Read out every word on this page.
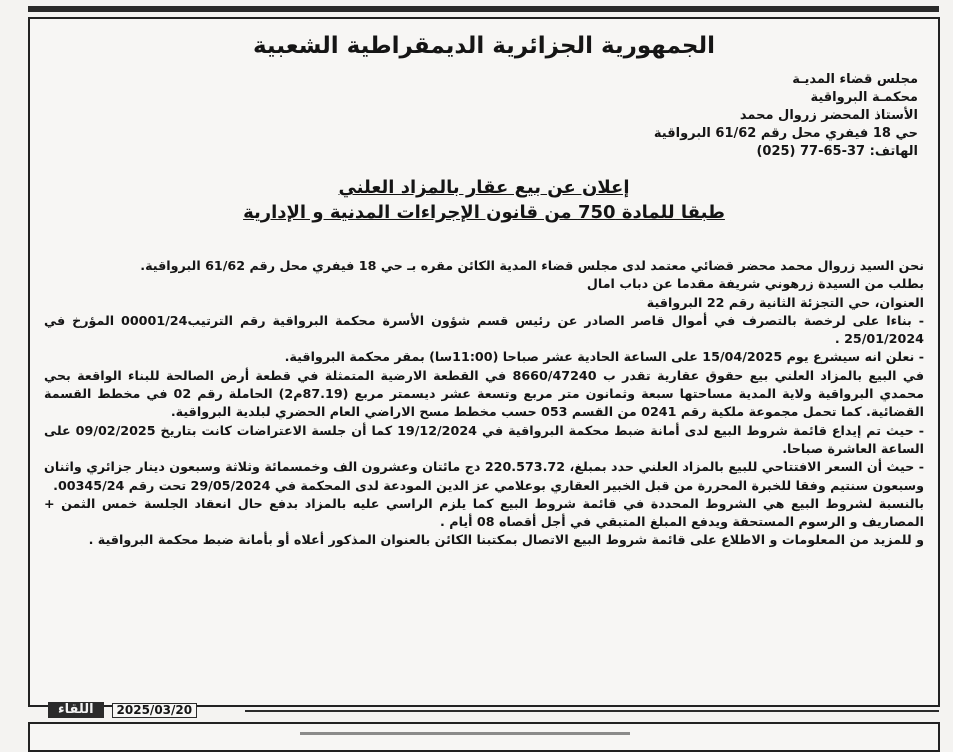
الجمهورية الجزائرية الديمقراطية الشعبية
مجلس قضاء المديـة
محكمـة البرواقية
الأستاذ المحضر زروال محمد
حي 18 فيفري محل رقم 61/62 البرواقية
الهاتف: 37-65-77 (025)
إعلان عن بيع عقار بالمزاد العلني
طبقا للمادة 750 من قانون الإجراءات المدنية و الإدارية

نحن السيد زروال محمد محضر قضائي معتمد لدى مجلس قضاء المدية الكائن مقره بـ حي 18 فيفري محل رقم 61/62 البرواقية.

بطلب من السيدة زرهوني شريفة مقدما عن دباب امال

العنوان، حي التجزئة الثانية رقم 22 البرواقية

- بناءا على لرخصة بالتصرف في أموال قاصر الصادر عن رئيس قسم شؤون الأسرة محكمة البرواقية رقم الترتيب00001/24 المؤرخ في 25/01/2024 .

- نعلن انه سيشرع يوم 15/04/2025 على الساعة الحادية عشر صباحا (11:00سا) بمقر محكمة البرواقية.

في البيع بالمزاد العلني بيع حقوق عقارية تقدر ب 8660/47240 في القطعة الارضية المتمثلة في قطعة أرض الصالحة للبناء الواقعة بحي محمدي البرواقية ولاية المدية مساحتها سبعة وثمانون متر مربع وتسعة عشر ديسمتر مربع (87.19م2) الحاملة رقم 02 في مخطط القسمة القضائية. كما تحمل مجموعة ملكية رقم 0241 من القسم 053 حسب مخطط مسح الاراضي العام الحضري لبلدية البرواقية.

- حيث تم إيداع قائمة شروط البيع لدى أمانة ضبط محكمة البرواقية في 19/12/2024 كما أن جلسة الاعتراضات كانت بتاريخ 09/02/2025 على الساعة العاشرة صباحا.

- حيث أن السعر الافتتاحي للبيع بالمزاد العلني حدد بمبلغ، 220.573.72 دج مائتان وعشرون الف وخمسمائة وثلاثة وسبعون دينار جزائري واثنان وسبعون سنتيم وفقا للخبرة المحررة من قبل الخبير العقاري بوعلامي عز الدين المودعة لدى المحكمة في 29/05/2024 تحت رقم 00345/24.

بالنسبة لشروط البيع هي الشروط المحددة في قائمة شروط البيع كما يلزم الراسي عليه بالمزاد بدفع حال انعقاد الجلسة خمس الثمن + المصاريف و الرسوم المستحقة ويدفع المبلغ المتبقي في أجل أقصاه 08 أيام .

و للمزيد من المعلومات و الاطلاع على قائمة شروط البيع الاتصال بمكتبنا الكائن بالعنوان المذكور أعلاه أو بأمانة ضبط محكمة البرواقية .

اللقاء	2025/03/20
